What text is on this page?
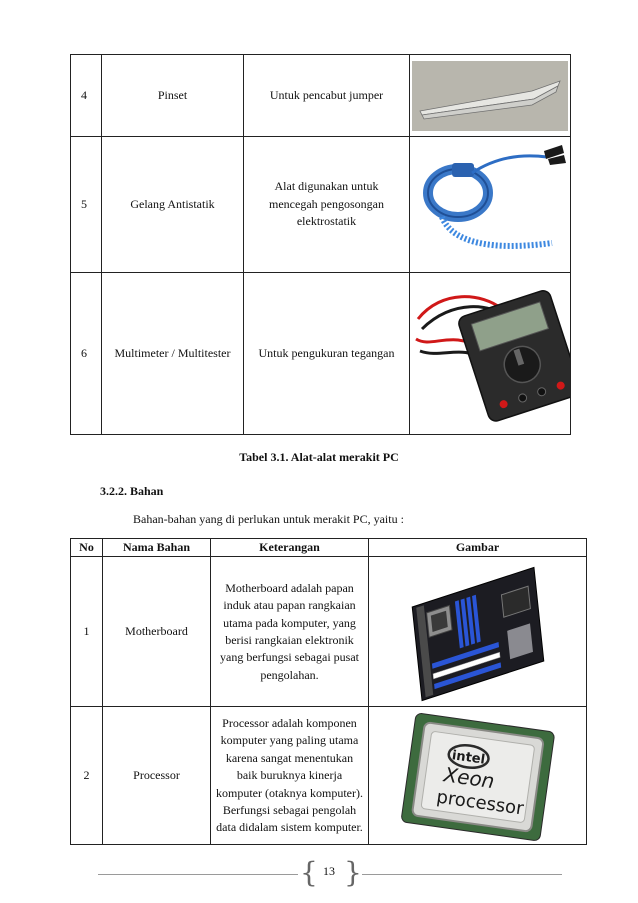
4	Pinset	Untuk pencabut jumper	

5	Gelang Antistatik	Alat digunakan untuk mencegah pengosongan elektrostatik	

6	Multimeter / Multitester	Untuk pengukuran tegangan	
Tabel 3.1. Alat-alat merakit PC
3.2.2. Bahan
Bahan-bahan yang di perlukan untuk merakit PC, yaitu :
No	Nama Bahan	Keterangan	Gambar
1	Motherboard	Motherboard adalah papan induk atau papan rangkaian utama pada komputer, yang berisi rangkaian elektronik yang berfungsi sebagai pusat pengolahan.	

2	Processor	Processor adalah komponen komputer yang paling utama karena sangat menentukan baik buruknya kinerja komputer (otaknya komputer). Berfungsi sebagai pengolah data didalam sistem komputer.	intel
Xeon
processor
{ }
13
